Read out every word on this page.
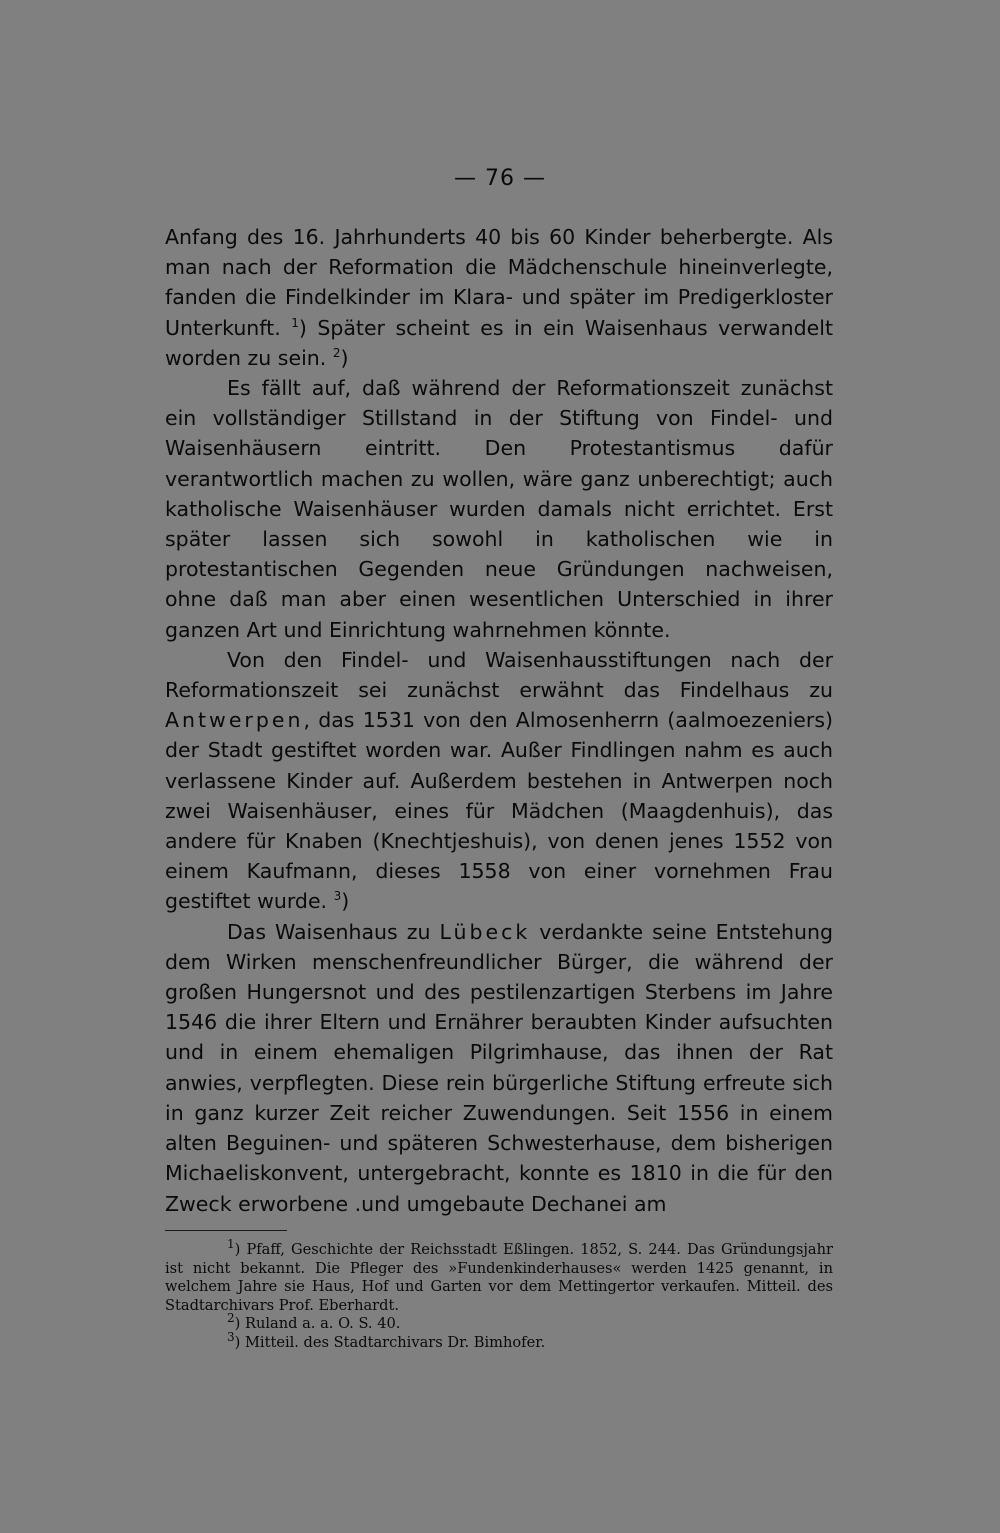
— 76 —

Anfang des 16. Jahrhunderts 40 bis 60 Kinder beherbergte. Als man nach der Reformation die Mädchenschule hineinverlegte, fanden die Findelkinder im Klara- und später im Predigerkloster Unterkunft. $^1$) Später scheint es in ein Waisenhaus verwandelt worden zu sein. $^2$)

Es fällt auf, daß während der Reformationszeit zunächst ein vollständiger Stillstand in der Stiftung von Findel- und Waisenhäusern eintritt. Den Protestantismus dafür verantwortlich machen zu wollen, wäre ganz unberechtigt; auch katholische Waisenhäuser wurden damals nicht errichtet. Erst später lassen sich sowohl in katholischen wie in protestantischen Gegenden neue Gründungen nachweisen, ohne daß man aber einen wesentlichen Unterschied in ihrer ganzen Art und Einrichtung wahrnehmen könnte.

Von den Findel- und Waisenhausstiftungen nach der Reformationszeit sei zunächst erwähnt das Findelhaus zu Antwerpen, das 1531 von den Almosenherrn (aalmoezeniers) der Stadt gestiftet worden war. Außer Findlingen nahm es auch verlassene Kinder auf. Außerdem bestehen in Antwerpen noch zwei Waisenhäuser, eines für Mädchen (Maagdenhuis), das andere für Knaben (Knechtjeshuis), von denen jenes 1552 von einem Kaufmann, dieses 1558 von einer vornehmen Frau gestiftet wurde. $^3$)

Das Waisenhaus zu Lübeck verdankte seine Entstehung dem Wirken menschenfreundlicher Bürger, die während der großen Hungersnot und des pestilenzartigen Sterbens im Jahre 1546 die ihrer Eltern und Ernährer beraubten Kinder aufsuchten und in einem ehemaligen Pilgrimhause, das ihnen der Rat anwies, verpflegten. Diese rein bürgerliche Stiftung erfreute sich in ganz kurzer Zeit reicher Zuwendungen. Seit 1556 in einem alten Beguinen- und späteren Schwesterhause, dem bisherigen Michaeliskonvent, untergebracht, konnte es 1810 in die für den Zweck erworbene .und umgebaute Dechanei am

$^1$) Pfaff, Geschichte der Reichsstadt Eßlingen. 1852, S. 244. Das Gründungsjahr ist nicht bekannt. Die Pfleger des »Fundenkinderhauses« werden 1425 genannt, in welchem Jahre sie Haus, Hof und Garten vor dem Mettingertor verkaufen. Mitteil. des Stadtarchivars Prof. Eberhardt.

$^2$) Ruland a. a. O. S. 40.

$^3$) Mitteil. des Stadtarchivars Dr. Bimhofer.
